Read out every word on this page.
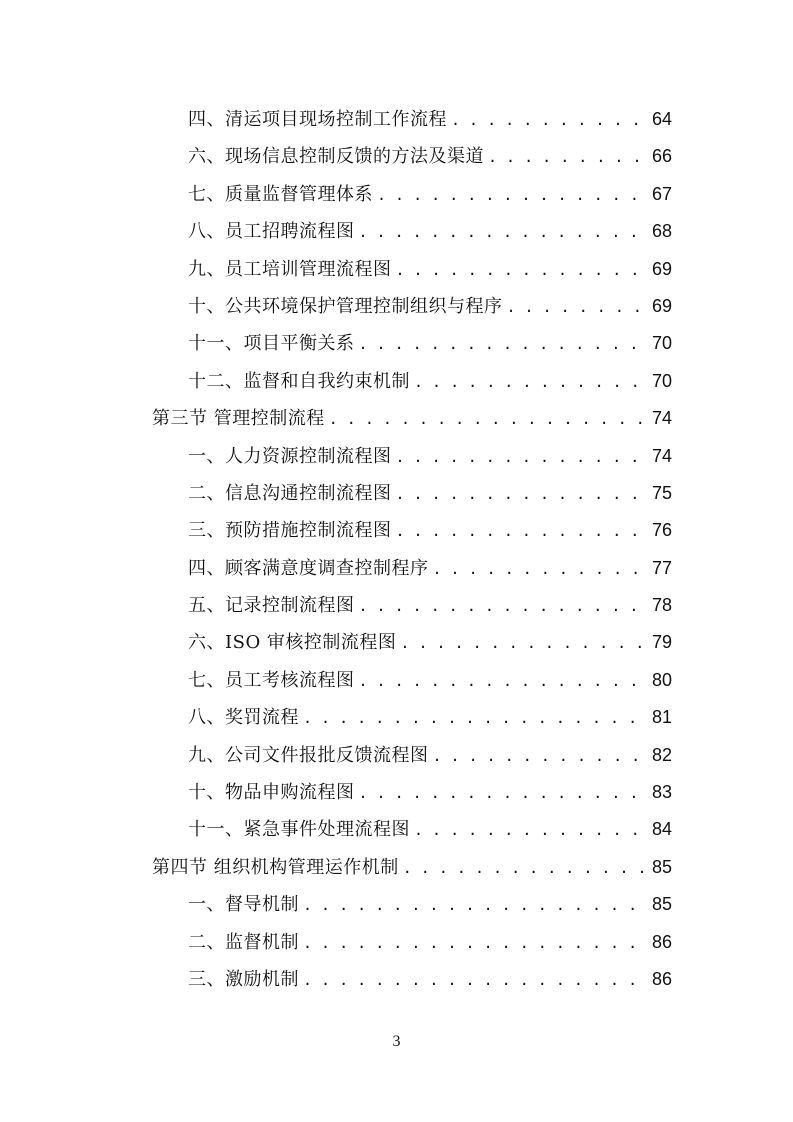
四、清运项目现场控制工作流程 . . .	64
六、现场信息控制反馈的方法及渠道 . . .	66
七、质量监督管理体系 . . .	67
八、员工招聘流程图 . . .	68
九、员工培训管理流程图 . . .	69
十、公共环境保护管理控制组织与程序 . . .	69
十一、项目平衡关系 . . .	70
十二、监督和自我约束机制 . . .	70
第三节 管理控制流程 . . .	74
一、人力资源控制流程图 . . .	74
二、信息沟通控制流程图 . . .	75
三、预防措施控制流程图 . . .	76
四、顾客满意度调查控制程序 . . .	77
五、记录控制流程图 . . .	78
六、ISO 审核控制流程图 . . .	79
七、员工考核流程图 . . .	80
八、奖罚流程 . . .	81
九、公司文件报批反馈流程图 . . .	82
十、物品申购流程图 . . .	83
十一、紧急事件处理流程图 . . .	84
第四节 组织机构管理运作机制 . . .	85
一、督导机制 . . .	85
二、监督机制 . . .	86
三、激励机制 . . .	86
3
